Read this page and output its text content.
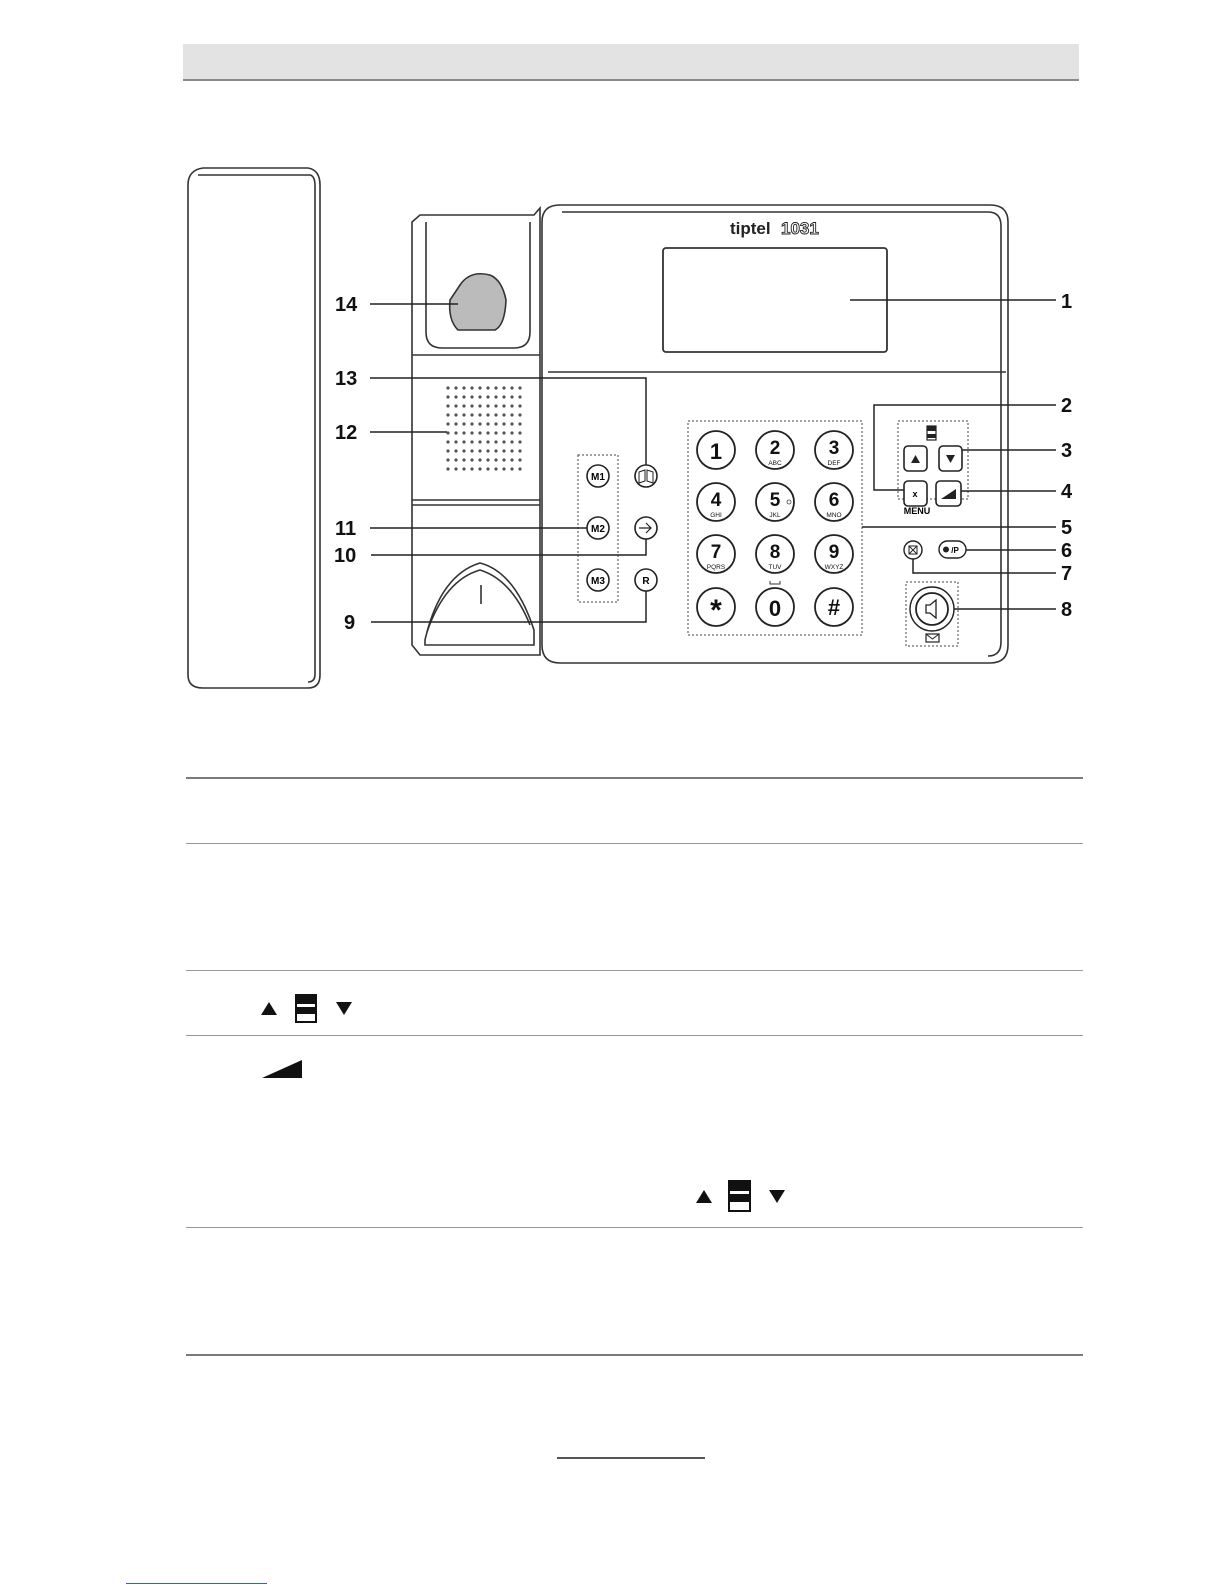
tiptel 1031
M1
M2
M3	R
1	2
ABC
3
DEF
4
GHI
5
JKL
6
MNO
7
PQRS
8
TUV
9
WXYZ
* 0 #
x
MENU
/P
1
2
3
4
5
6
7
8
9
10
11
12
13
14
